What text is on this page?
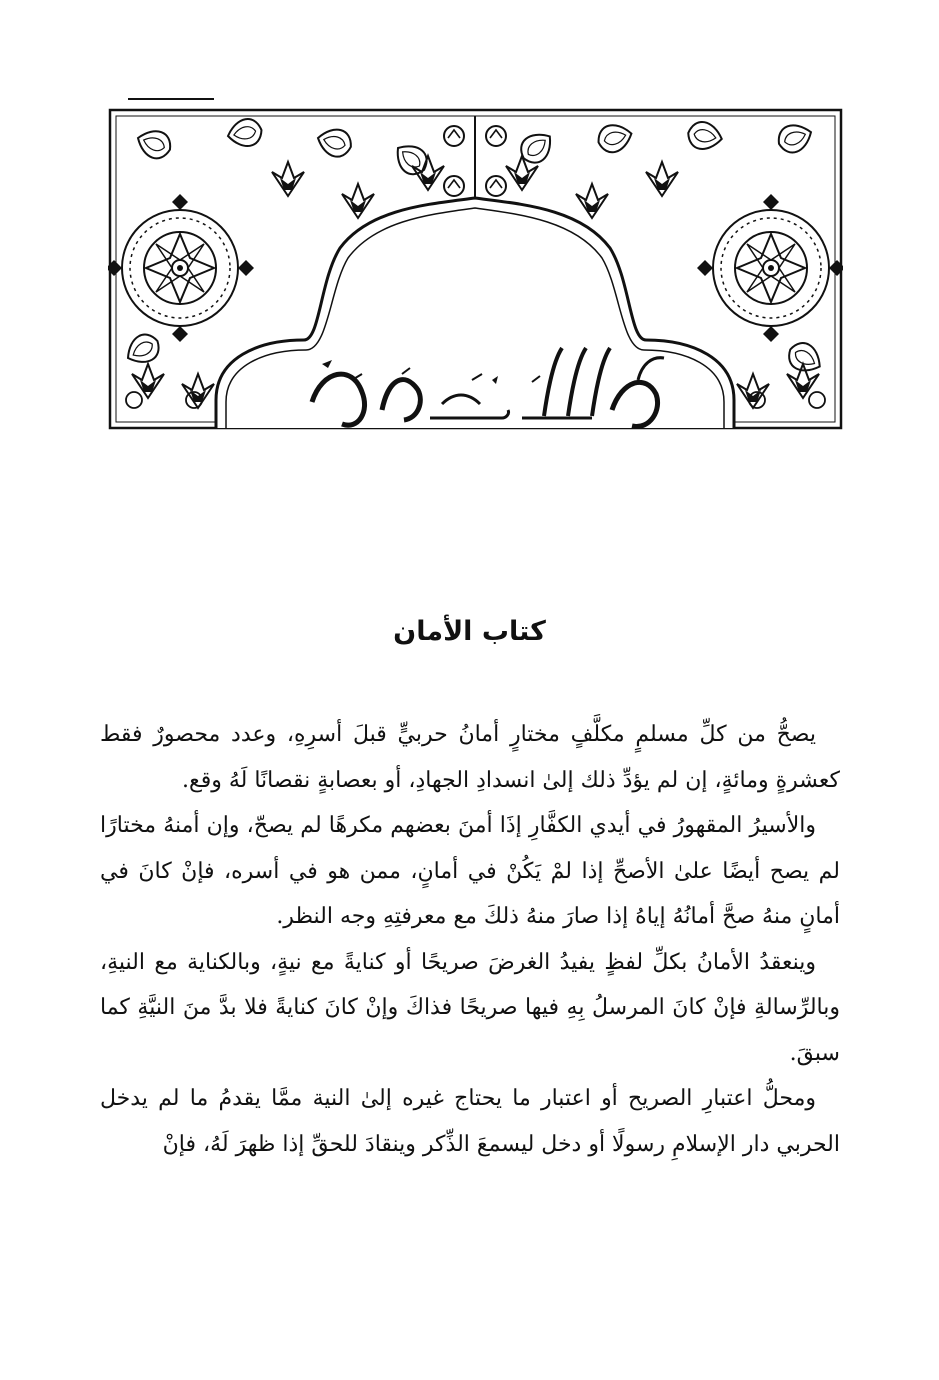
كتاب الأمان

يصحُّ من كلِّ مسلمٍ مكلَّفٍ مختارٍ أمانُ حربيٍّ قبلَ أسرِهِ، وعدد محصورٌ فقط كعشرةٍ ومائةٍ، إن لم يؤدِّ ذلك إلىٰ انسدادِ الجهادِ، أو بعصابةٍ نقصانًا لَهُ وقع.

والأسيرُ المقهورُ في أيدي الكفَّارِ إذَا أمنَ بعضهم مكرهًا لم يصحّ، وإن أمنهُ مختارًا لم يصح أيضًا علىٰ الأصحِّ إذا لمْ يَكُنْ في أمانٍ، ممن هو في أسره، فإنْ كانَ في أمانٍ منهُ صحَّ أمانُهُ إياهُ إذا صارَ منهُ ذلكَ مع معرفتِهِ وجه النظر.

وينعقدُ الأمانُ بكلِّ لفظٍ يفيدُ الغرضَ صريحًا أو كنايةً مع نيةٍ، وبالكناية مع النيةِ، وبالرِّسالةِ فإنْ كانَ المرسلُ بِهِ فيها صريحًا فذاكَ وإنْ كانَ كنايةً فلا بدَّ منَ النيَّةِ كما سبقَ.

ومحلُّ اعتبارِ الصريح أو اعتبار ما يحتاج غيره إلىٰ النية ممَّا يقدمُ ما لم يدخل الحربي دار الإسلامِ رسولًا أو دخل ليسمعَ الذِّكر وينقادَ للحقِّ إذا ظهرَ لَهُ، فإنْ
